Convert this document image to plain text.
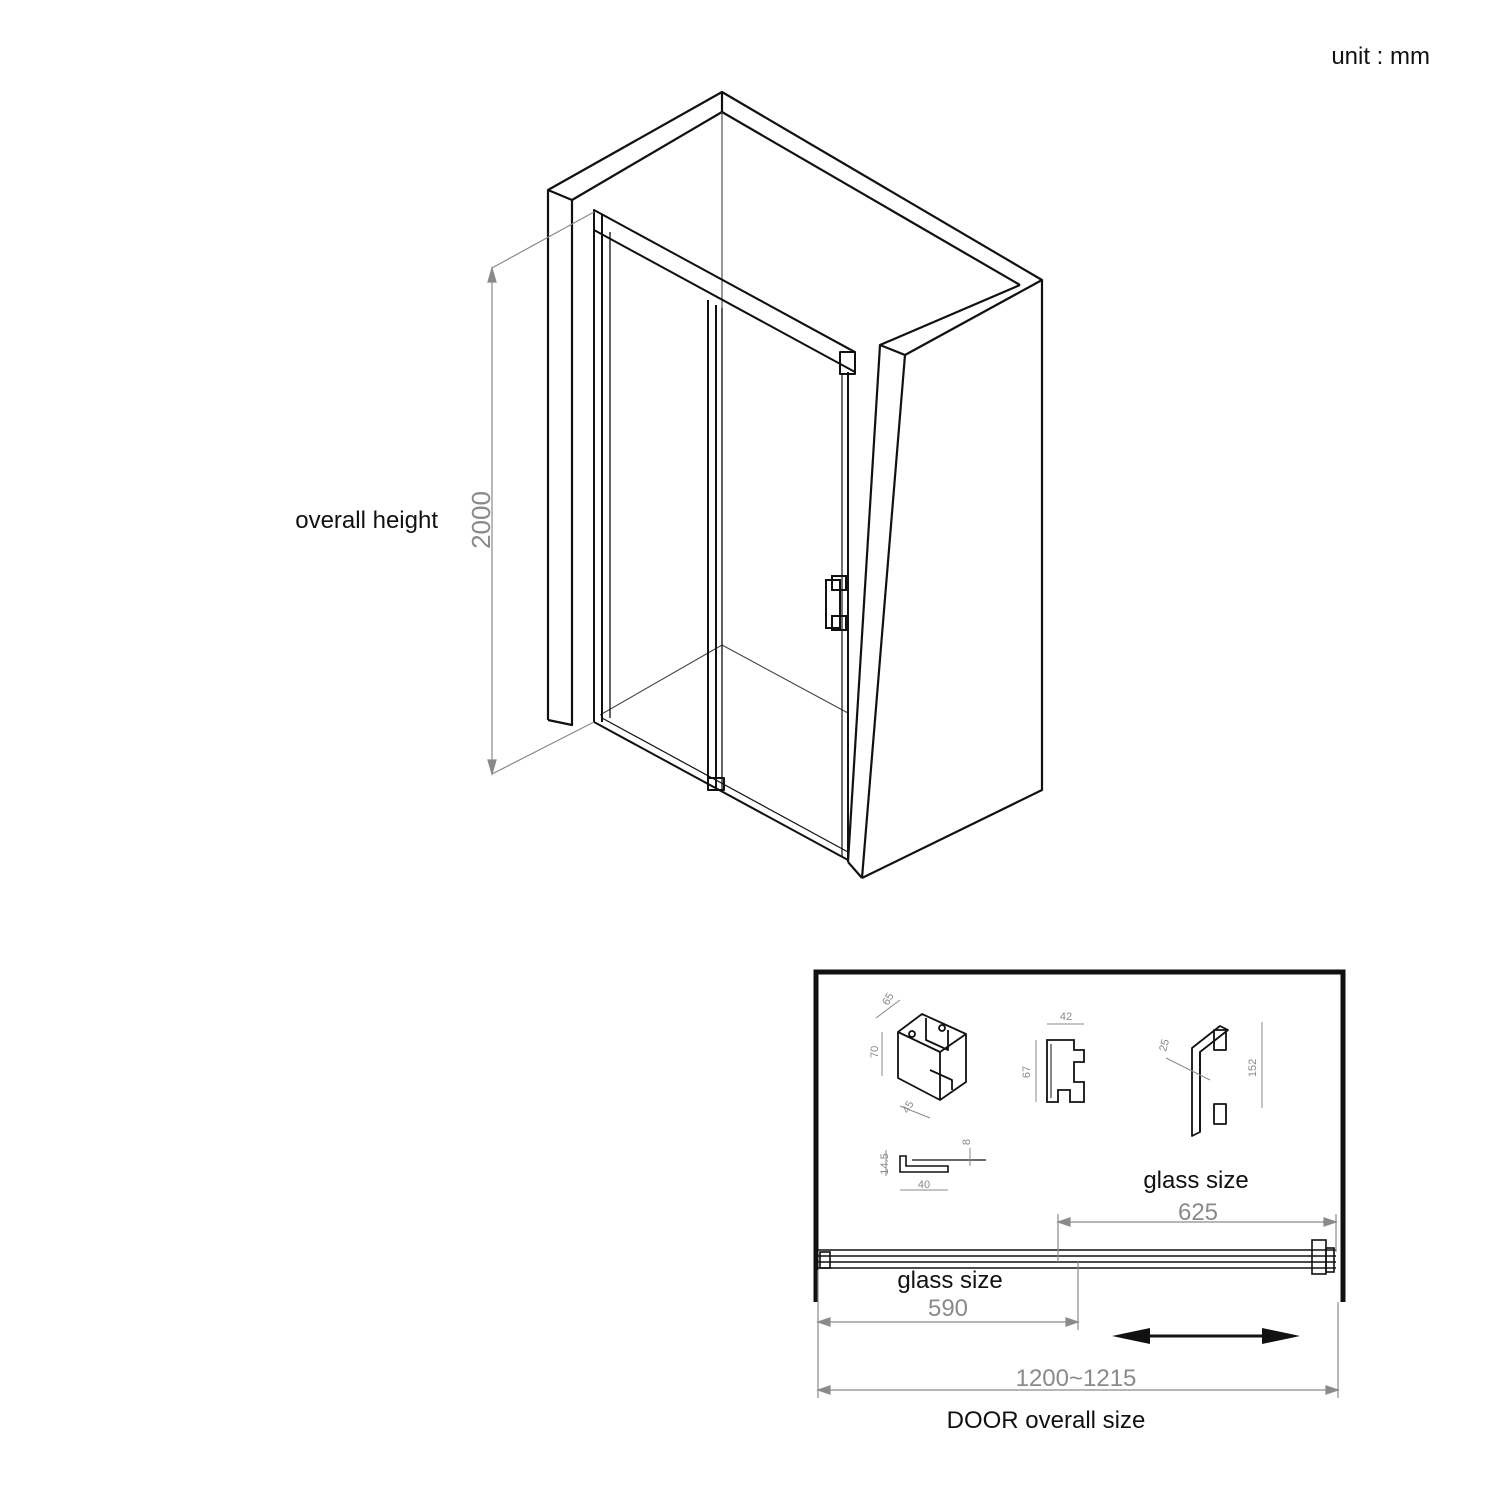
unit : mm
2000
overall height
glass size
625
glass size
590
1200~1215
DOOR overall size
65
70
45
42
67
25
152
14.5
8
40
